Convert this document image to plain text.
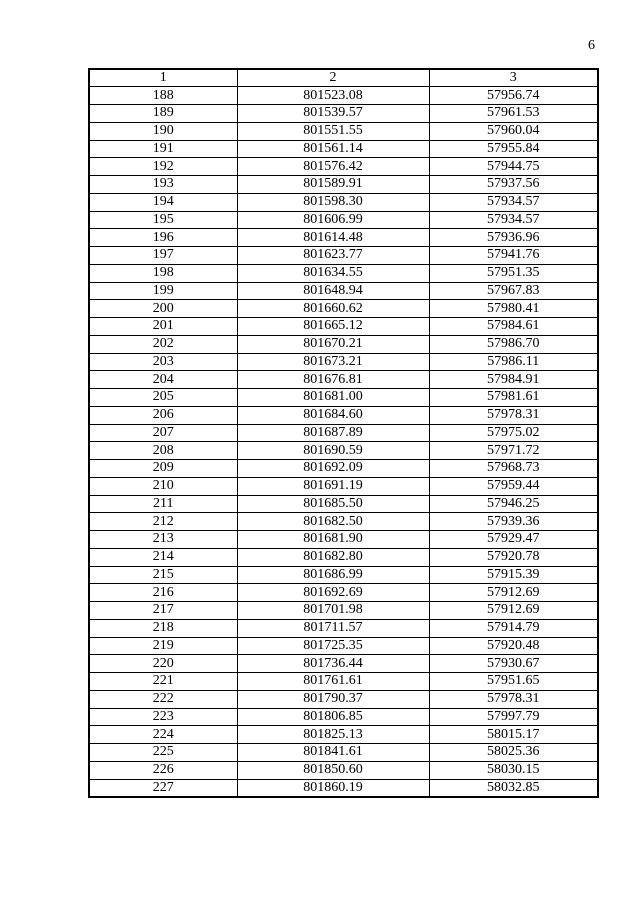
6
1	2	3
188	801523.08	57956.74
189	801539.57	57961.53
190	801551.55	57960.04
191	801561.14	57955.84
192	801576.42	57944.75
193	801589.91	57937.56
194	801598.30	57934.57
195	801606.99	57934.57
196	801614.48	57936.96
197	801623.77	57941.76
198	801634.55	57951.35
199	801648.94	57967.83
200	801660.62	57980.41
201	801665.12	57984.61
202	801670.21	57986.70
203	801673.21	57986.11
204	801676.81	57984.91
205	801681.00	57981.61
206	801684.60	57978.31
207	801687.89	57975.02
208	801690.59	57971.72
209	801692.09	57968.73
210	801691.19	57959.44
211	801685.50	57946.25
212	801682.50	57939.36
213	801681.90	57929.47
214	801682.80	57920.78
215	801686.99	57915.39
216	801692.69	57912.69
217	801701.98	57912.69
218	801711.57	57914.79
219	801725.35	57920.48
220	801736.44	57930.67
221	801761.61	57951.65
222	801790.37	57978.31
223	801806.85	57997.79
224	801825.13	58015.17
225	801841.61	58025.36
226	801850.60	58030.15
227	801860.19	58032.85
